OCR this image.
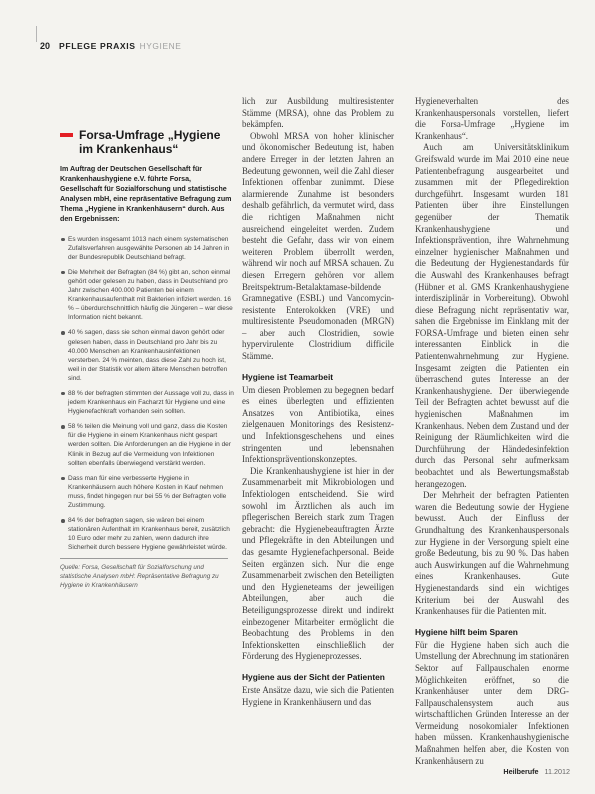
20 PFLEGE PRAXIS HYGIENE
Forsa-Umfrage „Hygiene im Krankenhaus“
Im Auftrag der Deutschen Gesellschaft für Krankenhaushygiene e.V. führte Forsa, Gesellschaft für Sozialforschung und statistische Analysen mbH, eine repräsentative Befragung zum Thema „Hygiene in Krankenhäusern“ durch. Aus den Ergebnissen:
Es wurden insgesamt 1013 nach einem systematischen Zufallsverfahren ausgewählte Personen ab 14 Jahren in der Bundesrepublik Deutschland befragt.
Die Mehrheit der Befragten (84 %) gibt an, schon einmal gehört oder gelesen zu haben, dass in Deutschland pro Jahr zwischen 400.000 Patienten bei einem Krankenhausaufenthalt mit Bakterien infiziert werden. 16 % – überdurchschnittlich häufig die Jüngeren – war diese Information nicht bekannt.
40 % sagen, dass sie schon einmal davon gehört oder gelesen haben, dass in Deutschland pro Jahr bis zu 40.000 Menschen an Krankenhausinfektionen versterben. 24 % meinten, dass diese Zahl zu hoch ist, weil in der Statistik vor allem ältere Menschen betroffen sind.
88 % der befragten stimmten der Aussage voll zu, dass in jedem Krankenhaus ein Facharzt für Hygiene und eine Hygienefachkraft vorhanden sein sollten.
58 % teilen die Meinung voll und ganz, dass die Kosten für die Hygiene in einem Krankenhaus nicht gespart werden sollten. Die Anforderungen an die Hygiene in der Klinik in Bezug auf die Vermeidung von Infektionen sollten ebenfalls überwiegend verstärkt werden.
Dass man für eine verbesserte Hygiene in Krankenhäusern auch höhere Kosten in Kauf nehmen muss, findet hingegen nur bei 55 % der Befragten volle Zustimmung.
84 % der befragten sagen, sie wären bei einem stationären Aufenthalt im Krankenhaus bereit, zusätzlich 10 Euro oder mehr zu zahlen, wenn dadurch ihre Sicherheit durch bessere Hygiene gewährleistet würde.
Quelle: Forsa, Gesellschaft für Sozialforschung und statistische Analysen mbH: Repräsentative Befragung zu Hygiene in Krankenhäusern

lich zur Ausbildung multiresistenter Stämme (MRSA), ohne das Problem zu bekämpfen.

Obwohl MRSA von hoher klinischer und ökonomischer Bedeutung ist, haben andere Erreger in der letzten Jahren an Bedeutung gewonnen, weil die Zahl dieser Infektionen offenbar zunimmt. Diese alarmierende Zunahme ist besonders deshalb gefährlich, da vermutet wird, dass die richtigen Maßnahmen nicht ausreichend eingeleitet werden. Zudem besteht die Gefahr, dass wir von einem weiteren Problem überrollt werden, während wir noch auf MRSA schauen. Zu diesen Erregern gehören vor allem Breitspektrum-Betalaktamase-bildende Gramnegative (ESBL) und Vancomycin-resistente Enterokokken (VRE) und multiresistente Pseudomonaden (MRGN) – aber auch Clostridien, sowie hypervirulente Clostridium difficile Stämme.

Hygiene ist Teamarbeit

Um diesen Problemen zu begegnen bedarf es eines überlegten und effizienten Ansatzes von Antibiotika, eines zielgenauen Monitorings des Resistenz- und Infektionsgeschehens und eines stringenten und lebensnahen Infektionspräventionskonzeptes.

Die Krankenhaushygiene ist hier in der Zusammenarbeit mit Mikrobiologen und Infektiologen entscheidend. Sie wird sowohl im Ärztlichen als auch im pflegerischen Bereich stark zum Tragen gebracht: die Hygienebeauftragten Ärzte und Pflegekräfte in den Abteilungen und das gesamte Hygienefachpersonal. Beide Seiten ergänzen sich. Nur die enge Zusammenarbeit zwischen den Beteiligten und den Hygieneteams der jeweiligen Abteilungen, aber auch die Beteiligungsprozesse direkt und indirekt einbezogener Mitarbeiter ermöglicht die Beobachtung des Problems in den Infektionsketten einschließlich der Förderung des Hygieneprozesses.

Hygiene aus der Sicht der Patienten

Erste Ansätze dazu, wie sich die Patienten Hygiene in Krankenhäusern und das

Hygieneverhalten des Krankenhauspersonals vorstellen, liefert die Forsa-Umfrage „Hygiene im Krankenhaus“.

Auch am Universitätsklinikum Greifswald wurde im Mai 2010 eine neue Patientenbefragung ausgearbeitet und zusammen mit der Pflegedirektion durchgeführt. Insgesamt wurden 181 Patienten über ihre Einstellungen gegenüber der Thematik Krankenhaushygiene und Infektionsprävention, ihre Wahrnehmung einzelner hygienischer Maßnahmen und die Bedeutung der Hygienestandards für die Auswahl des Krankenhauses befragt (Hübner et al. GMS Krankenhaushygiene interdisziplinär in Vorbereitung). Obwohl diese Befragung nicht repräsentativ war, sahen die Ergebnisse im Einklang mit der FORSA-Umfrage und bieten einen sehr interessanten Einblick in die Patientenwahrnehmung zur Hygiene. Insgesamt zeigten die Patienten ein überraschend gutes Interesse an der Krankenhaushygiene. Der überwiegende Teil der Befragten achtet bewusst auf die hygienischen Maßnahmen im Krankenhaus. Neben dem Zustand und der Reinigung der Räumlichkeiten wird die Durchführung der Händedesinfektion durch das Personal sehr aufmerksam beobachtet und als Bewertungsmaßstab herangezogen.

Der Mehrheit der befragten Patienten waren die Bedeutung sowie der Hygiene bewusst. Auch der Einfluss der Grundhaltung des Krankenhauspersonals zur Hygiene in der Versorgung spielt eine große Bedeutung, bis zu 90 %. Das haben auch Auswirkungen auf die Wahrnehmung eines Krankenhauses. Gute Hygienestandards sind ein wichtiges Kriterium bei der Auswahl des Krankenhauses für die Patienten mit.

Hygiene hilft beim Sparen

Für die Hygiene haben sich auch die Umstellung der Abrechnung im stationären Sektor auf Fallpauschalen enorme Möglichkeiten eröffnet, so die Krankenhäuser unter dem DRG-Fallpauschalensystem auch aus wirtschaftlichen Gründen Interesse an der Vermeidung nosokomialer Infektionen haben müssen. Krankenhaushygienische Maßnahmen helfen aber, die Kosten von Krankenhäusern zu

Heilberufe 11.2012
